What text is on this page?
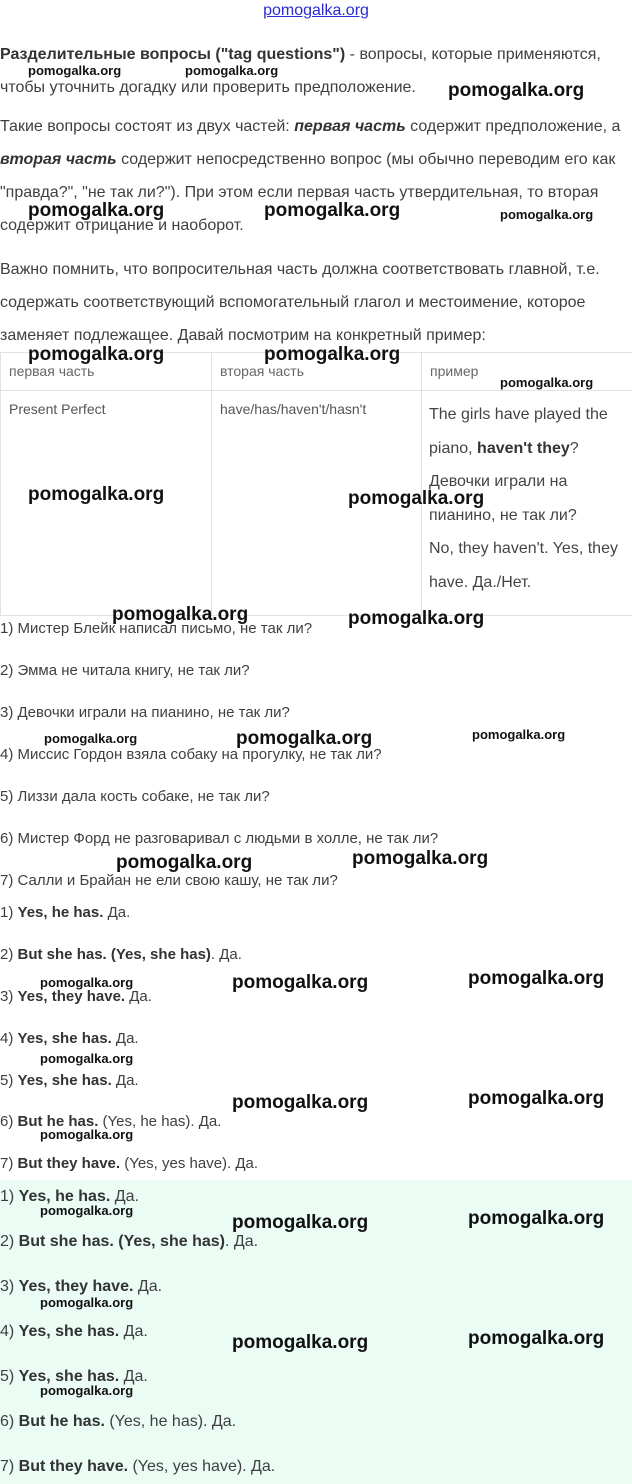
pomogalka.org

Разделительные вопросы ("tag questions") - вопросы, которые применяются, чтобы уточнить догадку или проверить предположение.

Такие вопросы состоят из двух частей: первая часть содержит предположение, а вторая часть содержит непосредственно вопрос (мы обычно переводим его как "правда?", "не так ли?"). При этом если первая часть утвердительная, то вторая содержит отрицание и наоборот.

Важно помнить, что вопросительная часть должна соответствовать главной, т.е. содержать соответствующий вспомогательный глагол и местоимение, которое заменяет подлежащее. Давай посмотрим на конкретный пример:

первая часть	вторая часть	пример
Present Perfect	have/has/haven't/hasn't	The girls have played the piano, haven't they?
Девочки играли на пианино, не так ли?
No, they haven't. Yes, they have. Да./Нет.
1) Мистер Блейк написал письмо, не так ли?
2) Эмма не читала книгу, не так ли?
3) Девочки играли на пианино, не так ли?
4) Миссис Гордон взяла собаку на прогулку, не так ли?
5) Лиззи дала кость собаке, не так ли?
6) Мистер Форд не разговаривал с людьми в холле, не так ли?
7) Салли и Брайан не ели свою кашу, не так ли?
1) Yes, he has. Да.
2) But she has. (Yes, she has). Да.
3) Yes, they have. Да.
4) Yes, she has. Да.
5) Yes, she has. Да.
6) But he has. (Yes, he has). Да.
7) But they have. (Yes, yes have). Да.
1) Yes, he has. Да.
2) But she has. (Yes, she has). Да.
3) Yes, they have. Да.
4) Yes, she has. Да.
5) Yes, she has. Да.
6) But he has. (Yes, he has). Да.
7) But they have. (Yes, yes have). Да.
pomogalka.org	pomogalka.org
pomogalka.org
pomogalka.org	pomogalka.org	pomogalka.org
pomogalka.org	pomogalka.org
pomogalka.org
pomogalka.org	pomogalka.org
pomogalka.org	pomogalka.org
pomogalka.org	pomogalka.org	pomogalka.org
pomogalka.org	pomogalka.org
pomogalka.org	pomogalka.org	pomogalka.org
pomogalka.org
pomogalka.org	pomogalka.org
pomogalka.org
pomogalka.org
pomogalka.org	pomogalka.org
pomogalka.org
pomogalka.org	pomogalka.org
pomogalka.org
